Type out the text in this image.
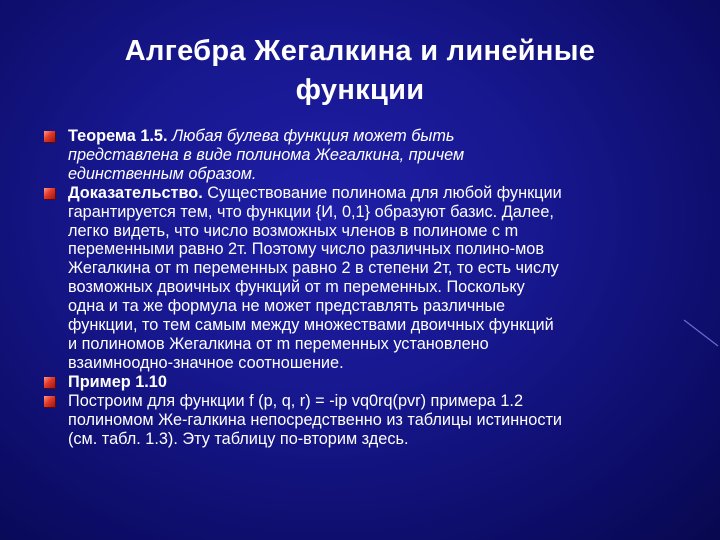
Алгебра Жегалкина и линейные
функции
Теорема 1.5. Любая булева функция может быть
представлена в виде полинома Жегалкина, причем
единственным образом.
Доказательство. Существование полинома для любой функции
гарантируется тем, что функции {И, 0,1} образуют базис. Далее,
легко видеть, что число возможных членов в полиноме с m
переменными равно 2т. Поэтому число различных полино-мов
Жегалкина от m переменных равно 2 в степени 2т, то есть числу
возможных двоичных функций от m переменных. Поскольку
одна и та же формула не может представлять различные
функции, то тем самым между множествами двоичных функций
и полиномов Жегалкина от m переменных установлено
взаимноодно-значное соотношение.
Пример 1.10
Построим для функции f (p, q, r) = -ip vq0rq(pvr) примера 1.2
полиномом Же-галкина непосредственно из таблицы истинности
(см. табл. 1.3). Эту таблицу по-вторим здесь.
